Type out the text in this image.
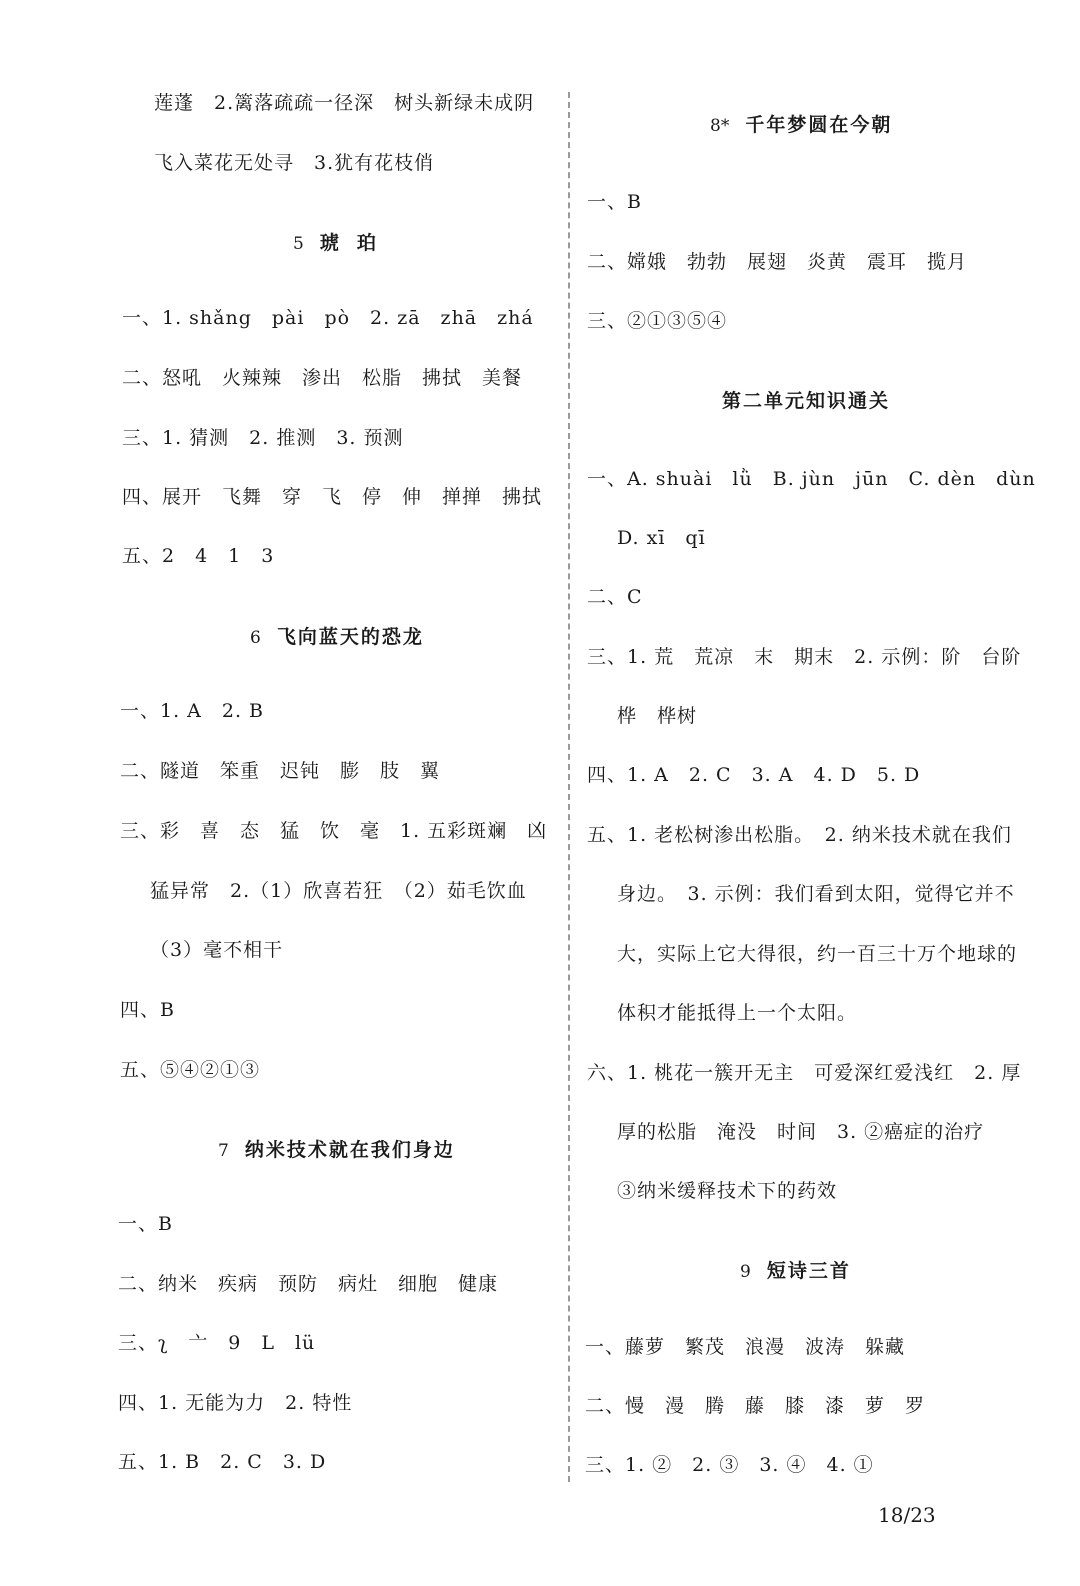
莲蓬　2.篱落疏疏一径深　树头新绿未成阴
飞入菜花无处寻　3.犹有花枝俏
5 琥珀
一、1. shǎng　pài　pò　2. zā　zhā　zhá
二、怒吼　火辣辣　渗出　松脂　拂拭　美餐
三、1. 猜测　2. 推测　3. 预测
四、展开　飞舞　穿　飞　停　伸　掸掸　拂拭
五、2　4　1　3
6 飞向蓝天的恐龙
一、1. A　2. B
二、隧道　笨重　迟钝　膨　肢　翼
三、彩　喜　态　猛　饮　毫　1. 五彩斑斓　凶
猛异常　2.（1）欣喜若狂　（2）茹毛饮血
（3）毫不相干
四、B
五、⑤④②①③
7 纳米技术就在我们身边
一、B
二、纳米　疾病　预防　病灶　细胞　健康
三、ʅ　亠　9　L　lü
四、1. 无能为力　2. 特性
五、1. B　2. C　3. D
8* 千年梦圆在今朝
一、B
二、嫦娥　勃勃　展翅　炎黄　震耳　揽月
三、②①③⑤④
第二单元知识通关
一、A. shuài　lǜ　B. jùn　jūn　C. dèn　dùn
D. xī　qī
二、C
三、1. 荒　荒凉　末　期末　2. 示例：阶　台阶
桦　桦树
四、1. A　2. C　3. A　4. D　5. D
五、1. 老松树渗出松脂。　2. 纳米技术就在我们
身边。　3. 示例：我们看到太阳，觉得它并不
大，实际上它大得很，约一百三十万个地球的
体积才能抵得上一个太阳。
六、1. 桃花一簇开无主　可爱深红爱浅红　2. 厚
厚的松脂　淹没　时间　3. ②癌症的治疗
③纳米缓释技术下的药效
9 短诗三首
一、藤萝　繁茂　浪漫　波涛　躲藏
二、慢　漫　腾　藤　膝　漆　萝　罗
三、1. ②　2. ③　3. ④　4. ①
18/23
